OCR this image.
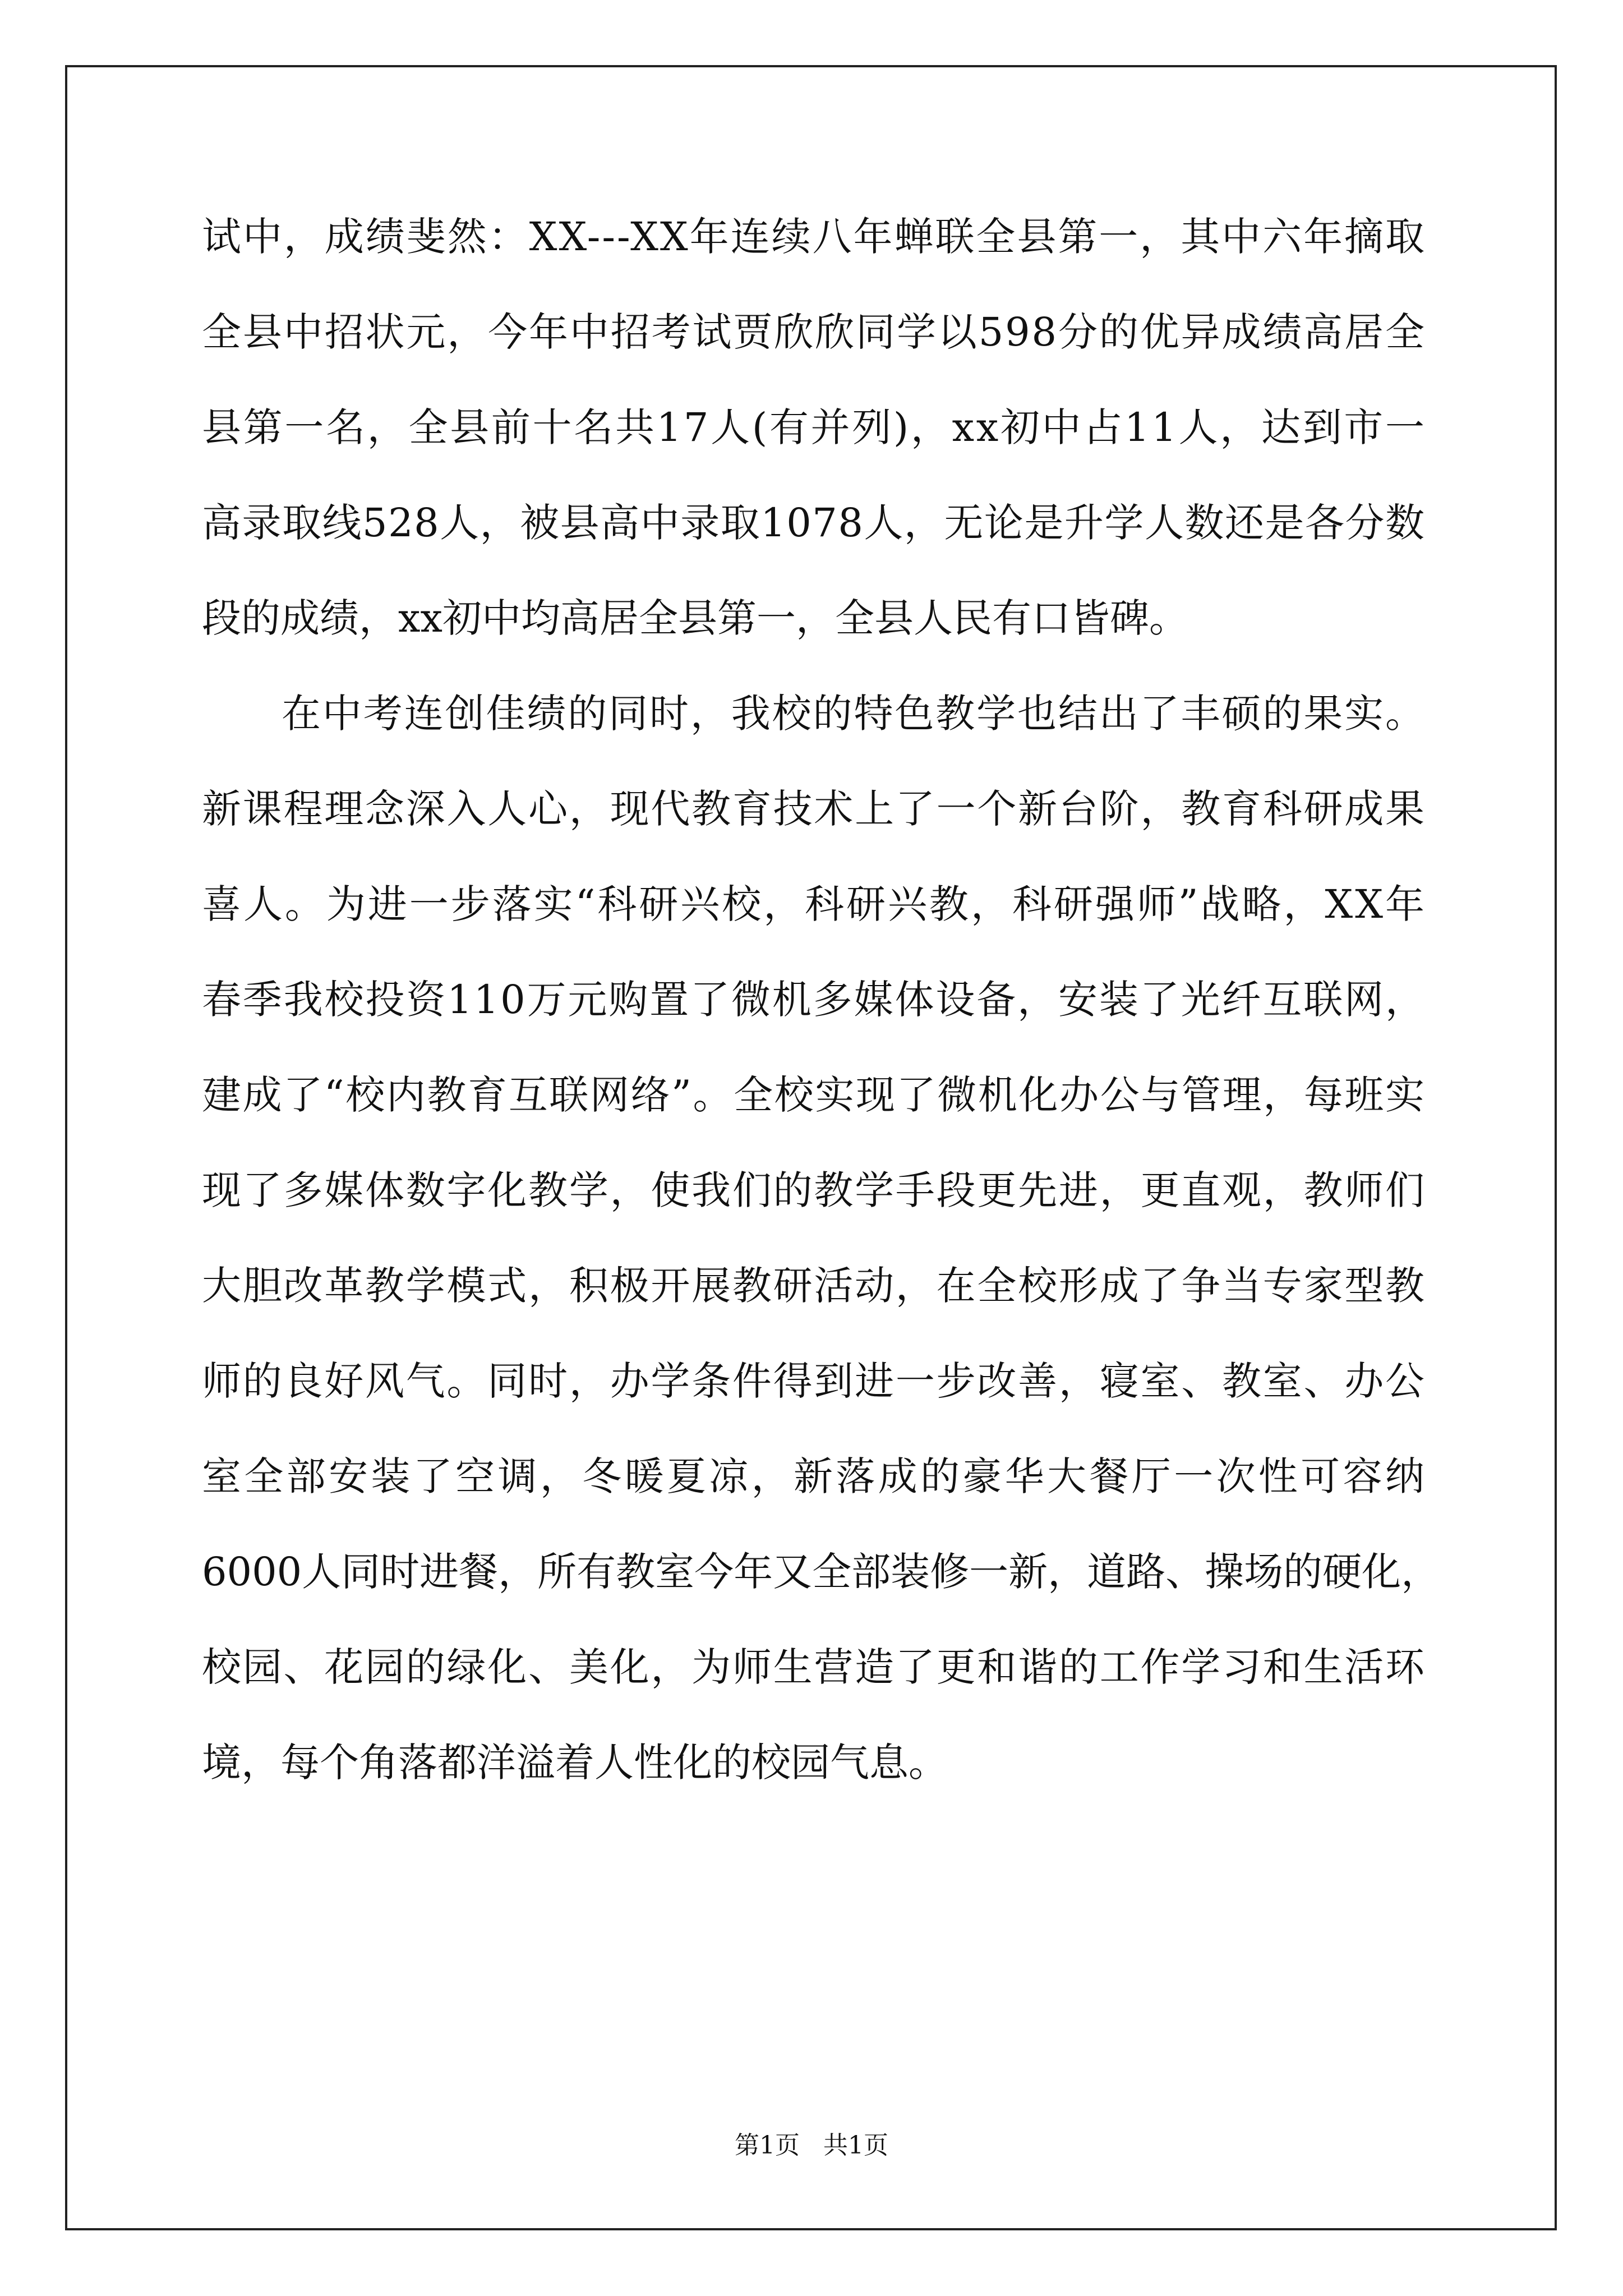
试中，成绩斐然：XX---XX年连续八年蝉联全县第一，其中六年摘取
全县中招状元，今年中招考试贾欣欣同学以598分的优异成绩高居全
县第一名，全县前十名共17人(有并列)，xx初中占11人，达到市一
高录取线528人，被县高中录取1078人，无论是升学人数还是各分数
段的成绩，xx初中均高居全县第一，全县人民有口皆碑。
在中考连创佳绩的同时，我校的特色教学也结出了丰硕的果实。
新课程理念深入人心，现代教育技术上了一个新台阶，教育科研成果
喜人。为进一步落实“科研兴校，科研兴教，科研强师”战略，XX年
春季我校投资110万元购置了微机多媒体设备，安装了光纤互联网，
建成了“校内教育互联网络”。全校实现了微机化办公与管理，每班实
现了多媒体数字化教学，使我们的教学手段更先进，更直观，教师们
大胆改革教学模式，积极开展教研活动，在全校形成了争当专家型教
师的良好风气。同时，办学条件得到进一步改善，寝室、教室、办公
室全部安装了空调，冬暖夏凉，新落成的豪华大餐厅一次性可容纳
6000人同时进餐，所有教室今年又全部装修一新，道路、操场的硬化，
校园、花园的绿化、美化，为师生营造了更和谐的工作学习和生活环
境，每个角落都洋溢着人性化的校园气息。
第1页   共1页
